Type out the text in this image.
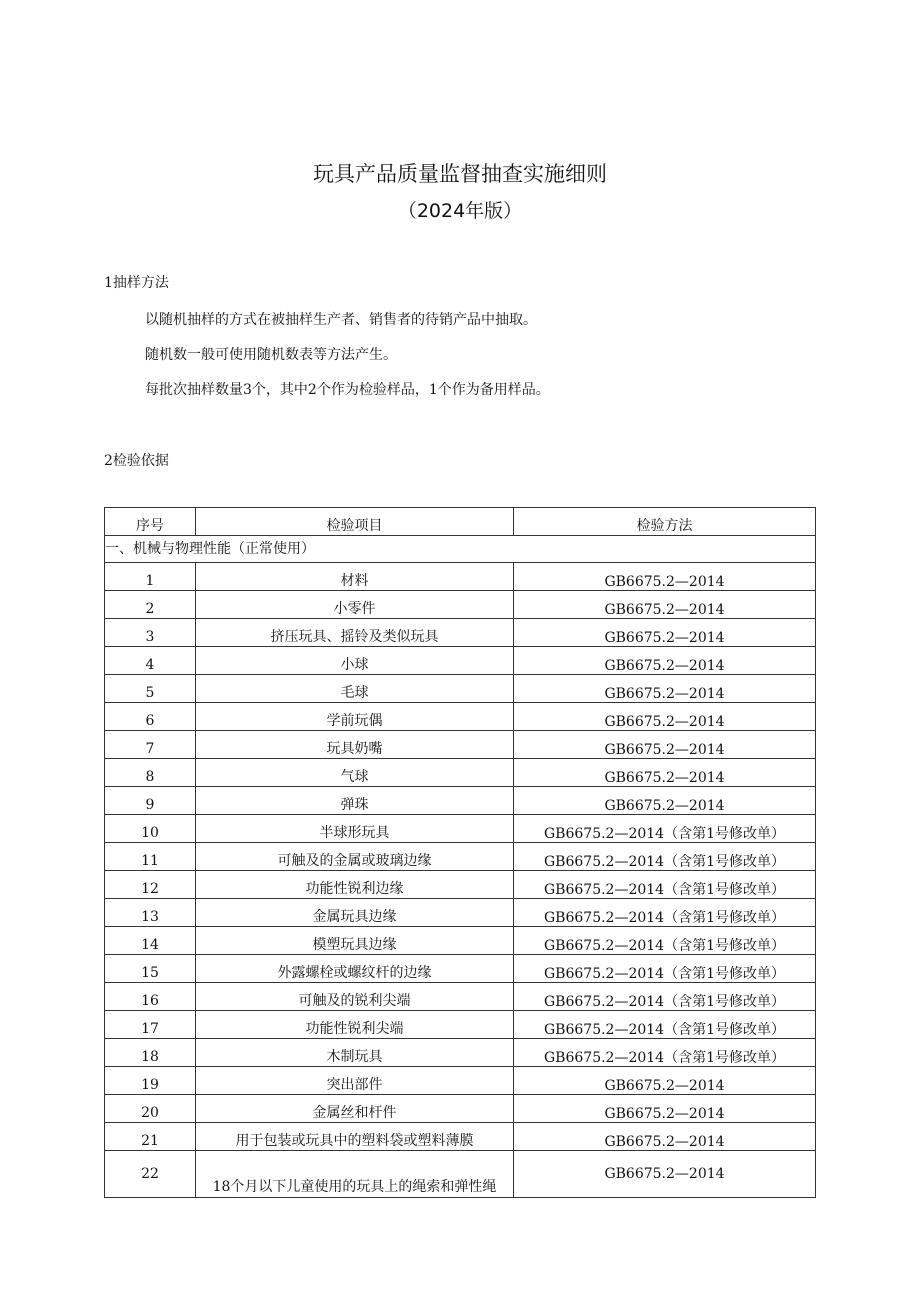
玩具产品质量监督抽查实施细则
（2024年版）
1抽样方法
以随机抽样的方式在被抽样生产者、销售者的待销产品中抽取。
随机数一般可使用随机数表等方法产生。
每批次抽样数量3个，其中2个作为检验样品，1个作为备用样品。
2检验依据
序号	检验项目	检验方法
一、机械与物理性能（正常使用）		
1	材料	GB6675.2—2014
2	小零件	GB6675.2—2014
3	挤压玩具、摇铃及类似玩具	GB6675.2—2014
4	小球	GB6675.2—2014
5	毛球	GB6675.2—2014
6	学前玩偶	GB6675.2—2014
7	玩具奶嘴	GB6675.2—2014
8	气球	GB6675.2—2014
9	弹珠	GB6675.2—2014
10	半球形玩具	GB6675.2—2014（含第1号修改单）
11	可触及的金属或玻璃边缘	GB6675.2—2014（含第1号修改单）
12	功能性锐利边缘	GB6675.2—2014（含第1号修改单）
13	金属玩具边缘	GB6675.2—2014（含第1号修改单）
14	模塑玩具边缘	GB6675.2—2014（含第1号修改单）
15	外露螺栓或螺纹杆的边缘	GB6675.2—2014（含第1号修改单）
16	可触及的锐利尖端	GB6675.2—2014（含第1号修改单）
17	功能性锐利尖端	GB6675.2—2014（含第1号修改单）
18	木制玩具	GB6675.2—2014（含第1号修改单）
19	突出部件	GB6675.2—2014
20	金属丝和杆件	GB6675.2—2014
21	用于包装或玩具中的塑料袋或塑料薄膜	GB6675.2—2014
22	18个月以下儿童使用的玩具上的绳索和弹性绳	GB6675.2—2014
